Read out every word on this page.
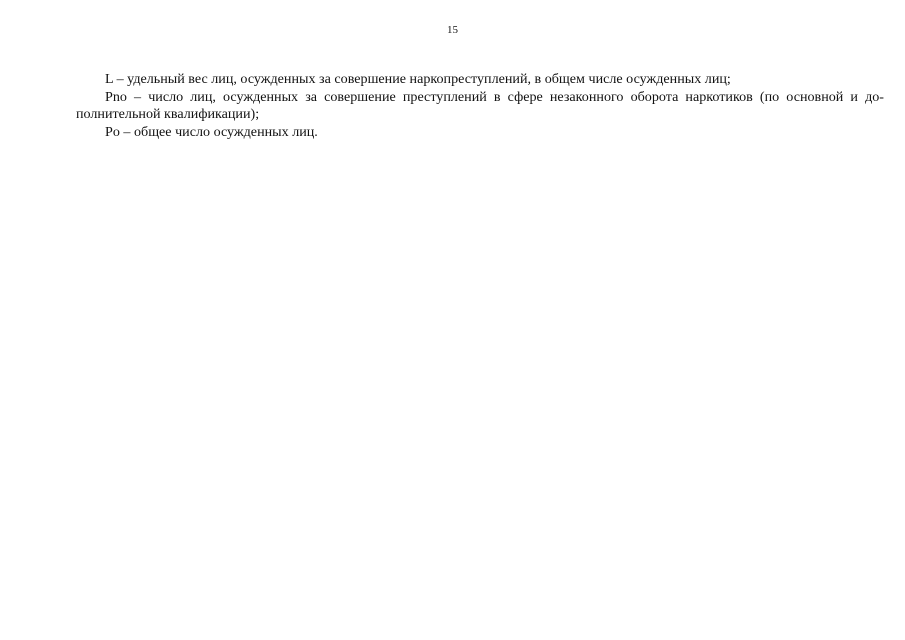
15

L – удельный вес лиц, осужденных за совершение наркопреступлений, в общем числе осужденных лиц;

Pno – число лиц, осужденных за совершение преступлений в сфере незаконного оборота наркотиков (по основной и дополнительной квалификации);

Po – общее число осужденных лиц.
